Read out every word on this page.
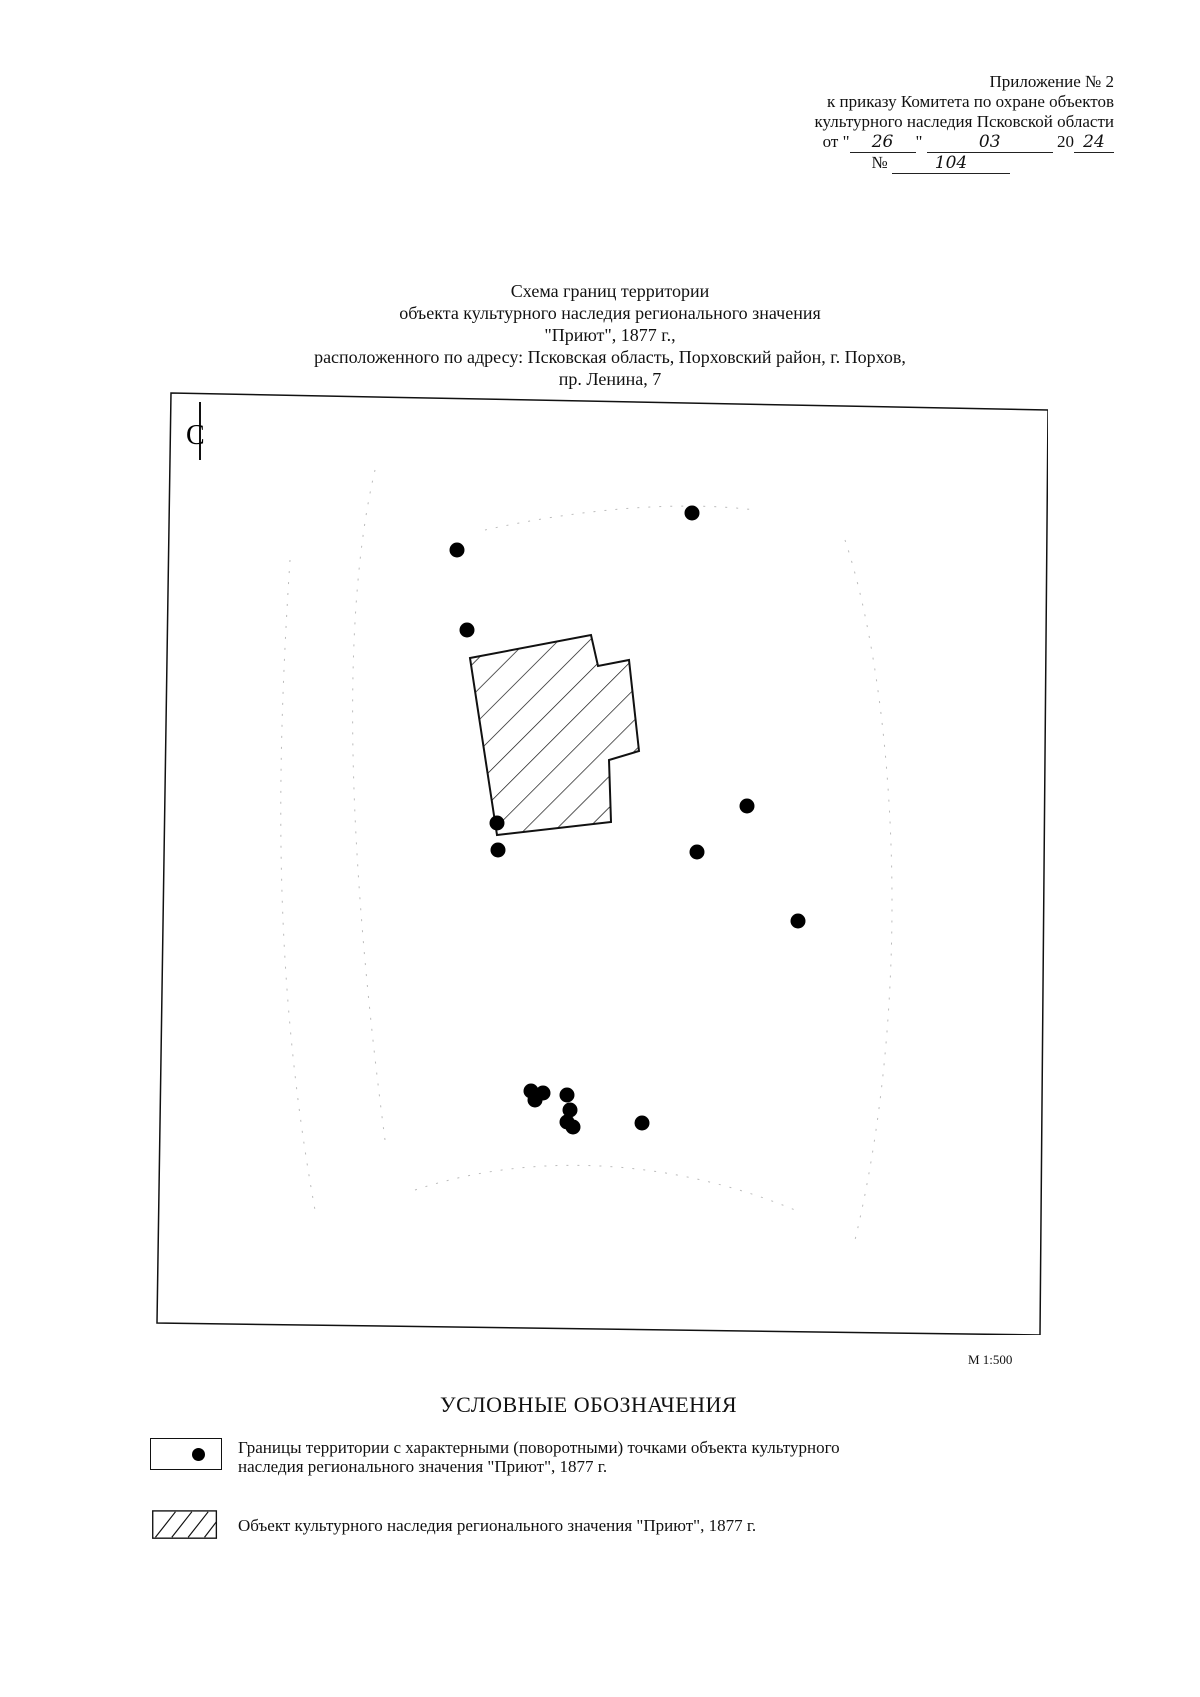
Приложение № 2
к приказу Комитета по охране объектов
культурного наследия Псковской области
от " 26 "	03	20 24
№	104
Схема границ территории
объекта культурного наследия регионального значения
"Приют", 1877 г.,
расположенного по адресу: Псковская область, Порховский район, г. Порхов,
пр. Ленина, 7
С
М 1:500
УСЛОВНЫЕ ОБОЗНАЧЕНИЯ
Границы территории с характерными (поворотными) точками объекта культурного
наследия регионального значения "Приют", 1877 г.
Объект культурного наследия регионального значения "Приют", 1877 г.
